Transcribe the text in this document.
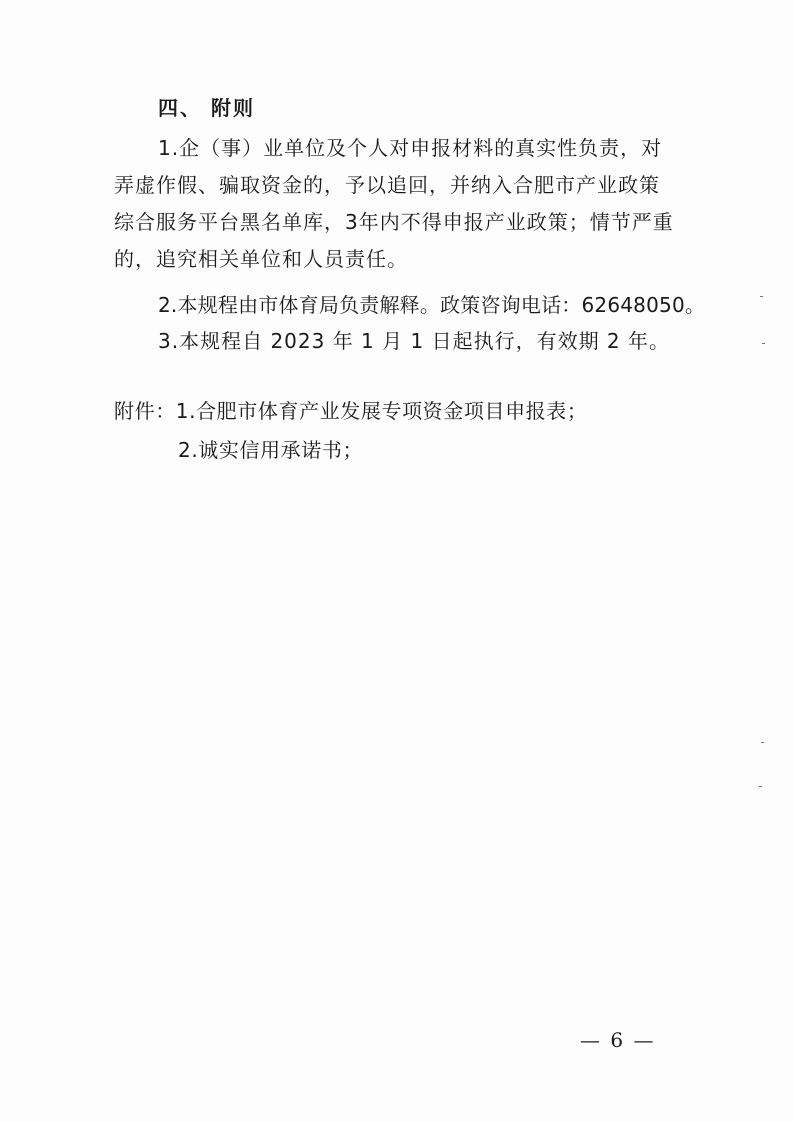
四、 附则
1.企（事）业单位及个人对申报材料的真实性负责，对弄虚作假、骗取资金的，予以追回，并纳入合肥市产业政策综合服务平台黑名单库，3年内不得申报产业政策；情节严重的，追究相关单位和人员责任。
2.本规程由市体育局负责解释。政策咨询电话：62648050。
3.本规程自 2023 年 1 月 1 日起执行，有效期 2 年。
附件：1.合肥市体育产业发展专项资金项目申报表；
2.诚实信用承诺书；
— 6 —
